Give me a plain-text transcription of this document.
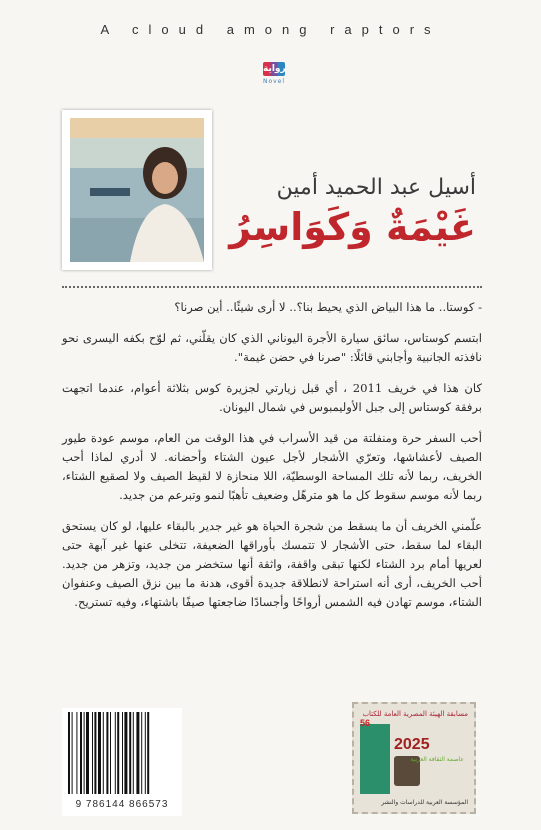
A cloud among raptors
رواية
Novel
أسيل عبد الحميد أمين
غَيْمَةٌ وَكَوَاسِرُ

- كوستا.. ما هذا البياض الذي يحيط بنا؟.. لا أرى شيئًا.. أين صرنا؟

ابتسم كوستاس، سائق سيارة الأجرة اليوناني الذي كان يقلّني، ثم لوّح بكفه اليسرى نحو نافذته الجانبية وأجابني قائلًا: "صرنا في حضن غيمة".

كان هذا في خريف 2011 ، أي قبل زيارتي لجزيرة كوس بثلاثة أعوام، عندما اتجهت برفقة كوستاس إلى جبل الأوليمبوس في شمال اليونان.

أحب السفر حرة ومنفلتة من قيد الأسراب في هذا الوقت من العام، موسم عودة طيور الصيف لأعشاشها، وتعرّي الأشجار لأجل عيون الشتاء وأحضانه. لا أدري لماذا أحب الخريف، ربما لأنه تلك المساحة الوسطيّة، اللا منحازة لا لقيظ الصيف ولا لصقيع الشتاء، ربما لأنه موسم سقوط كل ما هو مترهّل وضعيف تأهبًا لنمو وتبرعم من جديد.

علّمني الخريف أن ما يسقط من شجرة الحياة هو غير جدير بالبقاء عليها، لو كان يستحق البقاء لما سقط، حتى الأشجار لا تتمسك بأوراقها الضعيفة، تتخلى عنها غير آبهة حتى لعريها أمام برد الشتاء لكنها تبقى واقفة، واثقة أنها ستخضر من جديد، وتزهر من جديد. أحب الخريف، أرى أنه استراحة لانطلاقة جديدة أقوى، هدنة ما بين نزق الصيف وعنفوان الشتاء، موسم تهادن فيه الشمس أرواحًا وأجسادًا ضاجعتها صيفًا باشتهاء، وفيه تستريح.

9 786144 866573
56
مسابقة الهيئة المصرية العامة للكتاب
2025
عاصمة الثقافة العربية
المؤسسة العربية للدراسات والنشر
